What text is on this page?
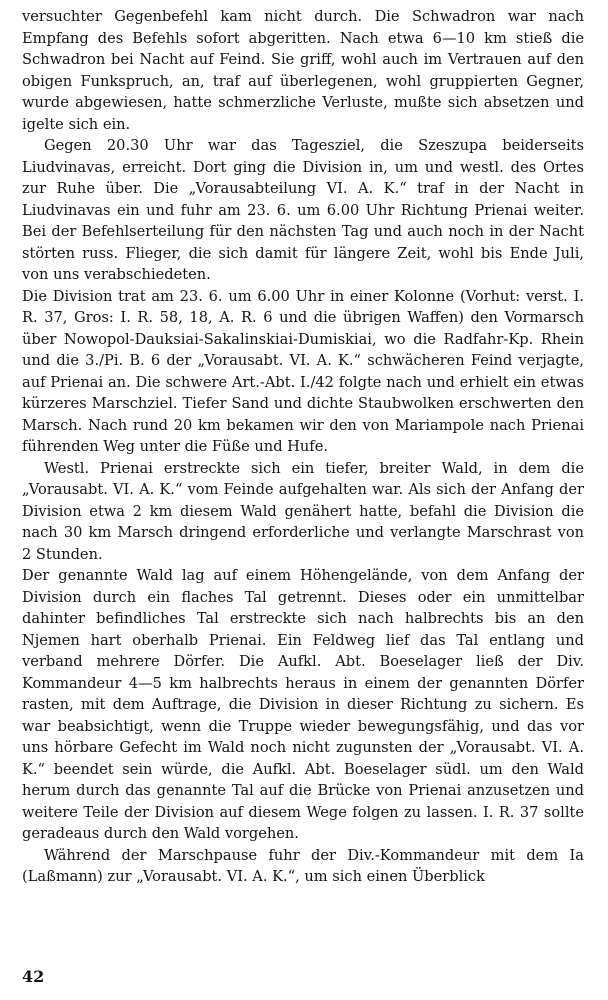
versuchter Gegenbefehl kam nicht durch. Die Schwadron war nach Empfang des Befehls sofort abgeritten. Nach etwa 6—10 km stieß die Schwadron bei Nacht auf Feind. Sie griff, wohl auch im Vertrauen auf den obigen Funkspruch, an, traf auf überlegenen, wohl gruppierten Gegner, wurde abgewiesen, hatte schmerzliche Verluste, mußte sich absetzen und igelte sich ein.

Gegen 20.30 Uhr war das Tagesziel, die Szeszupa beiderseits Liudvinavas, erreicht. Dort ging die Division in, um und westl. des Ortes zur Ruhe über. Die „Vorausabteilung VI. A. K.“ traf in der Nacht in Liudvinavas ein und fuhr am 23. 6. um 6.00 Uhr Richtung Prienai weiter. Bei der Befehlserteilung für den nächsten Tag und auch noch in der Nacht störten russ. Flieger, die sich damit für längere Zeit, wohl bis Ende Juli, von uns verabschiedeten.

Die Division trat am 23. 6. um 6.00 Uhr in einer Kolonne (Vorhut: verst. I. R. 37, Gros: I. R. 58, 18, A. R. 6 und die übrigen Waffen) den Vormarsch über Nowopol-Dauksiai-Sakalinskiai-Dumiskiai, wo die Radfahr-Kp. Rhein und die 3./Pi. B. 6 der „Vorausabt. VI. A. K.“ schwächeren Feind verjagte, auf Prienai an. Die schwere Art.-Abt. I./42 folgte nach und erhielt ein etwas kürzeres Marschziel. Tiefer Sand und dichte Staubwolken erschwerten den Marsch. Nach rund 20 km bekamen wir den von Mariampole nach Prienai führenden Weg unter die Füße und Hufe.

Westl. Prienai erstreckte sich ein tiefer, breiter Wald, in dem die „Vorausabt. VI. A. K.“ vom Feinde aufgehalten war. Als sich der Anfang der Division etwa 2 km diesem Wald genähert hatte, befahl die Division die nach 30 km Marsch dringend erforderliche und verlangte Marschrast von 2 Stunden.

Der genannte Wald lag auf einem Höhengelände, von dem Anfang der Division durch ein flaches Tal getrennt. Dieses oder ein unmittelbar dahinter befindliches Tal erstreckte sich nach halbrechts bis an den Njemen hart oberhalb Prienai. Ein Feldweg lief das Tal entlang und verband mehrere Dörfer. Die Aufkl. Abt. Boeselager ließ der Div. Kommandeur 4—5 km halbrechts heraus in einem der genannten Dörfer rasten, mit dem Auftrage, die Division in dieser Richtung zu sichern. Es war beabsichtigt, wenn die Truppe wieder bewegungsfähig, und das vor uns hörbare Gefecht im Wald noch nicht zugunsten der „Vorausabt. VI. A. K.“ beendet sein würde, die Aufkl. Abt. Boeselager südl. um den Wald herum durch das genannte Tal auf die Brücke von Prienai anzusetzen und weitere Teile der Division auf diesem Wege folgen zu lassen. I. R. 37 sollte geradeaus durch den Wald vorgehen.

Während der Marschpause fuhr der Div.-Kommandeur mit dem Ia (Laßmann) zur „Vorausabt. VI. A. K.“, um sich einen Überblick

42
